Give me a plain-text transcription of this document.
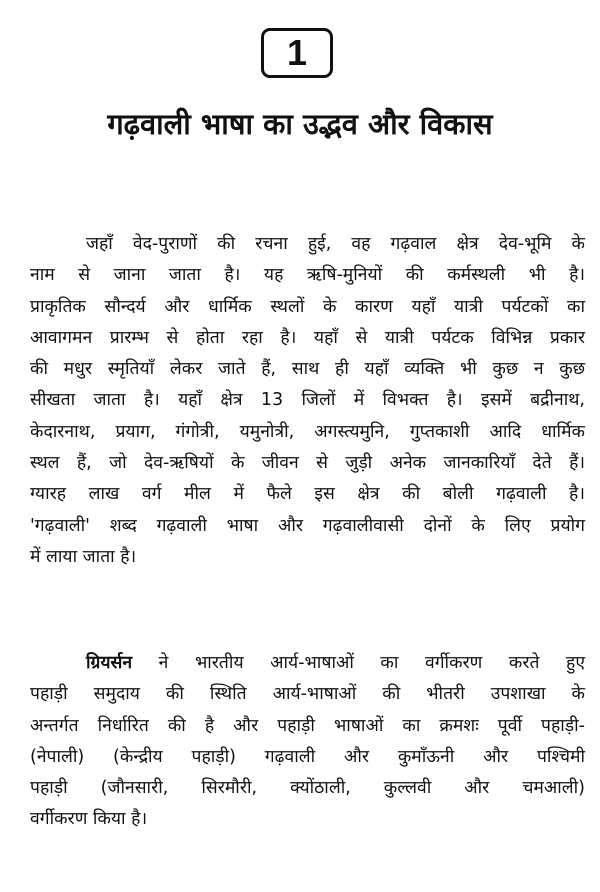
1
गढ़वाली भाषा का उद्भव और विकास
जहाँ वेद-पुराणों की रचना हुई, वह गढ़वाल क्षेत्र देव-भूमि के
नाम से जाना जाता है। यह ऋषि-मुनियों की कर्मस्थली भी है।
प्राकृतिक सौन्दर्य और धार्मिक स्थलों के कारण यहाँ यात्री पर्यटकों का
आवागमन प्रारम्भ से होता रहा है। यहाँ से यात्री पर्यटक विभिन्न प्रकार
की मधुर स्मृतियाँ लेकर जाते हैं, साथ ही यहाँ व्यक्ति भी कुछ न कुछ
सीखता जाता है। यहाँ क्षेत्र 13 जिलों में विभक्त है। इसमें बद्रीनाथ,
केदारनाथ, प्रयाग, गंगोत्री, यमुनोत्री, अगस्त्यमुनि, गुप्तकाशी आदि धार्मिक
स्थल हैं, जो देव-ऋषियों के जीवन से जुड़ी अनेक जानकारियाँ देते हैं।
ग्यारह लाख वर्ग मील में फैले इस क्षेत्र की बोली गढ़वाली है।
'गढ़वाली' शब्द गढ़वाली भाषा और गढ़वालीवासी दोनों के लिए प्रयोग
में लाया जाता है।
ग्रियर्सन ने भारतीय आर्य-भाषाओं का वर्गीकरण करते हुए
पहाड़ी समुदाय की स्थिति आर्य-भाषाओं की भीतरी उपशाखा के
अन्तर्गत निर्धारित की है और पहाड़ी भाषाओं का क्रमशः पूर्वी पहाड़ी-
(नेपाली) (केन्द्रीय पहाड़ी) गढ़वाली और कुमाँऊनी और पश्चिमी
पहाड़ी (जौनसारी, सिरमौरी, क्योंठाली, कुल्लवी और चमआली)
वर्गीकरण किया है।
